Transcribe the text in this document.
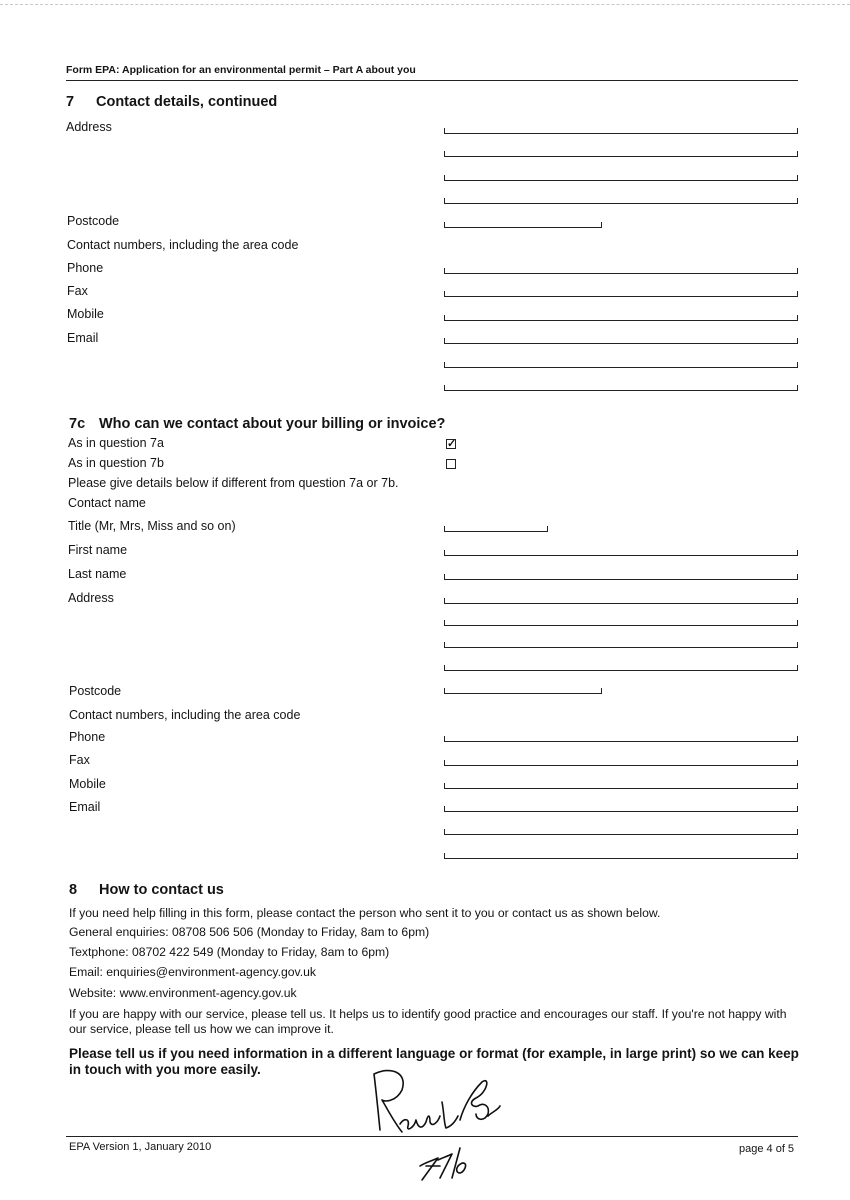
Form EPA: Application for an environmental permit – Part A about you
7 Contact details, continued
Address
Postcode
Contact numbers, including the area code
Phone
Fax
Mobile
Email
7c Who can we contact about your billing or invoice?
As in question 7a	✓
As in question 7b
Please give details below if different from question 7a or 7b.
Contact name
Title (Mr, Mrs, Miss and so on)
First name
Last name
Address
Postcode
Contact numbers, including the area code
Phone
Fax
Mobile
Email
8 How to contact us
If you need help filling in this form, please contact the person who sent it to you or contact us as shown below.
General enquiries: 08708 506 506 (Monday to Friday, 8am to 6pm)
Textphone: 08702 422 549 (Monday to Friday, 8am to 6pm)
Email: enquiries@environment-agency.gov.uk
Website: www.environment-agency.gov.uk
If you are happy with our service, please tell us. It helps us to identify good practice and encourages our staff. If you're not happy with our service, please tell us how we can improve it.
Please tell us if you need information in a different language or format (for example, in large print) so we can keep in touch with you more easily.
EPA Version 1, January 2010	page 4 of 5
